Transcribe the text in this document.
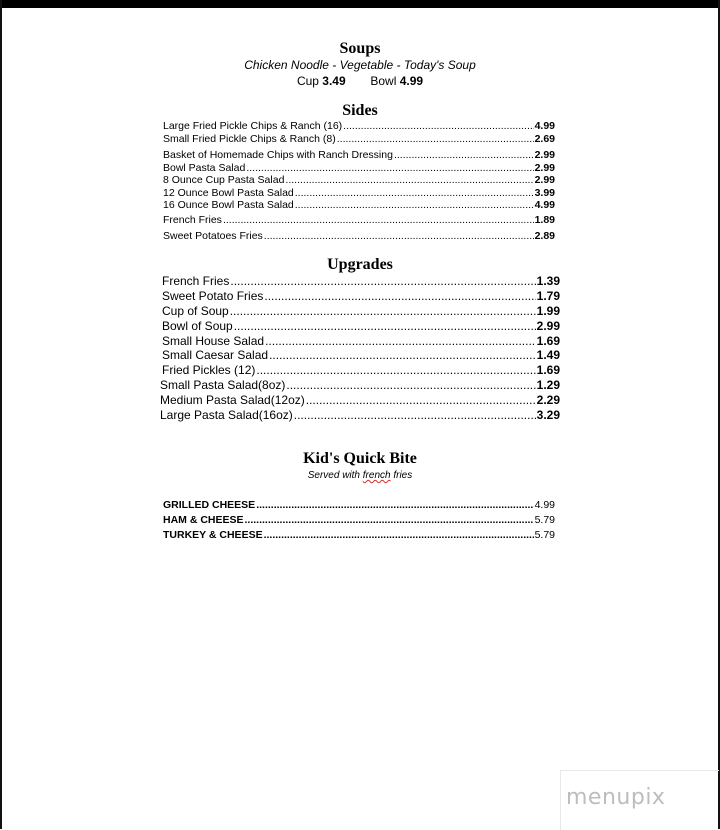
Soups
Chicken Noodle - Vegetable - Today's Soup
Cup 3.49 Bowl 4.99
Sides
Large Fried Pickle Chips & Ranch (16) .....	4.99
Small Fried Pickle Chips & Ranch (8) .....	2.69
Basket of Homemade Chips with Ranch Dressing .....	2.99
Bowl Pasta Salad .....	2.99
8 Ounce Cup Pasta Salad .....	2.99
12 Ounce Bowl Pasta Salad .....	3.99
16 Ounce Bowl Pasta Salad .....	4.99
French Fries .....	1.89
Sweet Potatoes Fries .....	2.89
Upgrades
French Fries .....	1.39
Sweet Potato Fries .....	1.79
Cup of Soup .....	1.99
Bowl of Soup .....	2.99
Small House Salad .....	1.69
Small Caesar Salad .....	1.49
Fried Pickles (12) .....	1.69
Small Pasta Salad(8oz) .....	1.29
Medium Pasta Salad(12oz) .....	2.29
Large Pasta Salad(16oz) .....	3.29
Kid's Quick Bite
Served with french fries
GRILLED CHEESE .....	4.99
HAM & CHEESE .....	5.79
TURKEY & CHEESE .....	5.79
menupix
